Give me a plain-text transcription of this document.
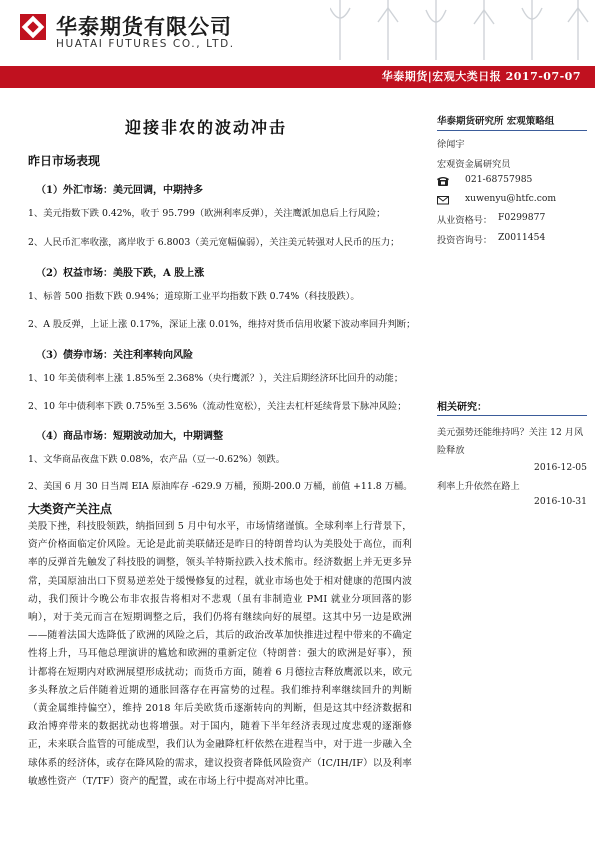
华泰期货有限公司
HUATAI FUTURES CO., LTD.
华泰期货|宏观大类日报 2017-07-07
迎接非农的波动冲击
昨日市场表现
（1）外汇市场：美元回调，中期持多
1、美元指数下跌 0.42%，收于 95.799（欧洲利率反弹），关注鹰派加息后上行风险；
2、人民币汇率收涨，离岸收于 6.8003（美元宽幅偏弱），关注美元转强对人民币的压力；
（2）权益市场：美股下跌，A 股上涨
1、标普 500 指数下跌 0.94%；道琼斯工业平均指数下跌 0.74%（科技股跌）。
2、A 股反弹，上证上涨 0.17%，深证上涨 0.01%，维持对货币信用收紧下波动率回升判断；
（3）债券市场：关注利率转向风险
1、10 年美债利率上涨 1.85%至 2.368%（央行鹰派？），关注后期经济环比回升的动能；
2、10 年中债利率下跌 0.75%至 3.56%（流动性宽松），关注去杠杆延续背景下脉冲风险；
（4）商品市场：短期波动加大，中期调整
1、文华商品夜盘下跌 0.08%，农产品（豆一-0.62%）领跌。
2、美国 6 月 30 日当周 EIA 原油库存 -629.9 万桶，预期-200.0 万桶，前值 +11.8 万桶。
大类资产关注点
美股下挫，科技股领跌，纳指回到 5 月中旬水平，市场情绪谨慎。全球利率上行背景下，资产价格面临定价风险。无论是此前美联储还是昨日的特朗普均认为美股处于高位，而利率的反弹首先触发了科技股的调整，领头羊特斯拉跌入技术熊市。经济数据上并无更多异常，美国原油出口下贸易逆差处于缓慢修复的过程，就业市场也处于相对健康的范围内波动，我们预计今晚公布非农报告将相对不悲观（虽有非制造业 PMI 就业分项回落的影响），对于美元而言在短期调整之后，我们仍将有继续向好的展望。这其中另一边是欧洲——随着法国大选降低了欧洲的风险之后，其后的政治改革加快推进过程中带来的不确定性将上升，马耳他总理演讲的尴尬和欧洲的重新定位（特朗普：强大的欧洲是好事），预计都将在短期内对欧洲展望形成扰动；而货币方面，随着 6 月德拉吉释放鹰派以来，欧元多头释放之后伴随着近期的通胀回落存在再富势的过程。我们维持利率继续回升的判断（黄金属维持偏空），维持 2018 年后美欧货币逐渐转向的判断，但是这其中经济数据和政治博弈带来的数据扰动也将增强。对于国内，随着下半年经济表现过度悲观的逐渐修正，未来联合监管的可能成型，我们认为金融降杠杆依然在进程当中，对于进一步融入全球体系的经济体，或存在降风险的需求，建议投资者降低风险资产（IC/IH/IF）以及利率敏感性资产（T/TF）资产的配置，或在市场上行中提高对冲比重。
华泰期货研究所 宏观策略组
徐闻宇
宏观资金属研究员
021-68757985
xuwenyu@htfc.com
从业资格号： F0299877
投资咨询号： Z0011454
相关研究：
美元强势还能维持吗？关注 12 月风险释放
2016-12-05
利率上升依然在路上
2016-10-31
